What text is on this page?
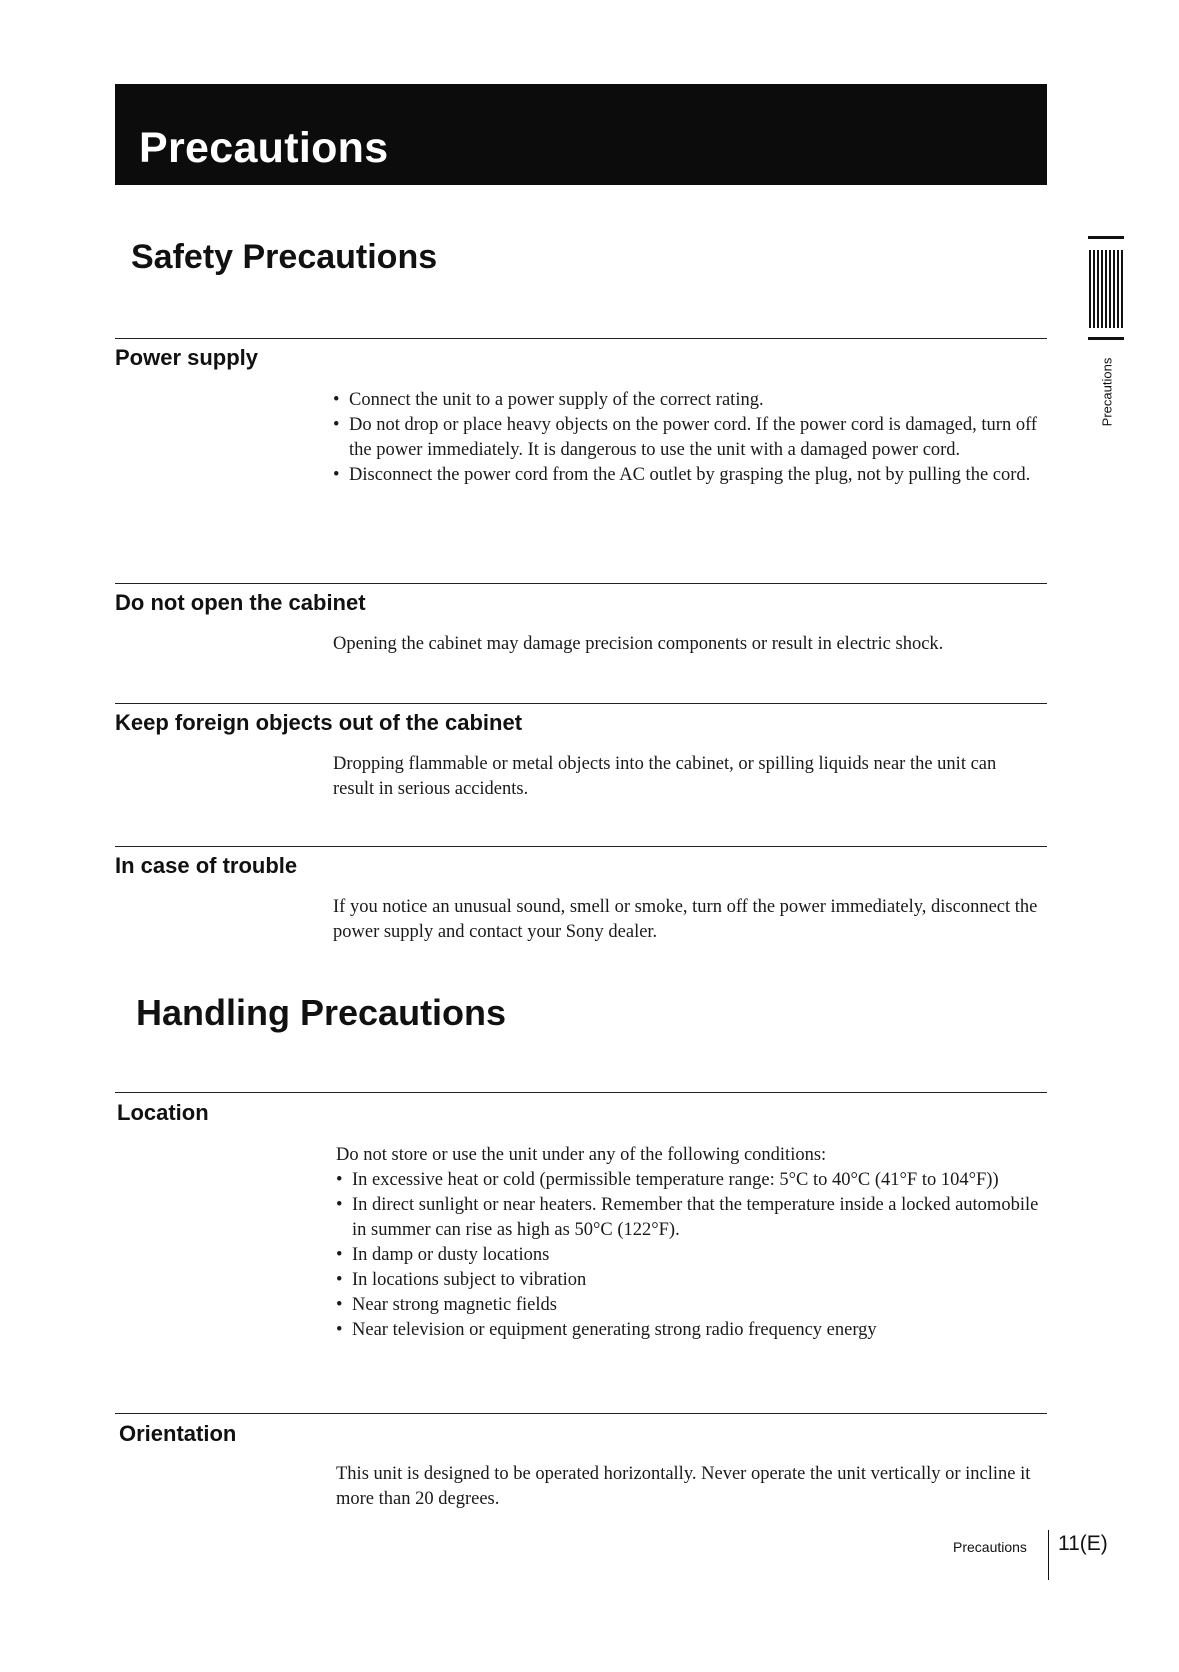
Precautions
Precautions
Safety Precautions
Power supply
• Connect the unit to a power supply of the correct rating.
• Do not drop or place heavy objects on the power cord. If the power cord is damaged, turn off the power immediately. It is dangerous to use the unit with a damaged power cord.
• Disconnect the power cord from the AC outlet by grasping the plug, not by pulling the cord.
Do not open the cabinet

Opening the cabinet may damage precision components or result in electric shock.

Keep foreign objects out of the cabinet

Dropping flammable or metal objects into the cabinet, or spilling liquids near the unit can result in serious accidents.

In case of trouble

If you notice an unusual sound, smell or smoke, turn off the power immediately, disconnect the power supply and contact your Sony dealer.

Handling Precautions
Location
Do not store or use the unit under any of the following conditions:
• In excessive heat or cold (permissible temperature range: 5°C to 40°C (41°F to 104°F))
• In direct sunlight or near heaters. Remember that the temperature inside a locked automobile in summer can rise as high as 50°C (122°F).
• In damp or dusty locations
• In locations subject to vibration
• Near strong magnetic fields
• Near television or equipment generating strong radio frequency energy
Orientation

This unit is designed to be operated horizontally. Never operate the unit vertically or incline it more than 20 degrees.

Precautions 11(E)
